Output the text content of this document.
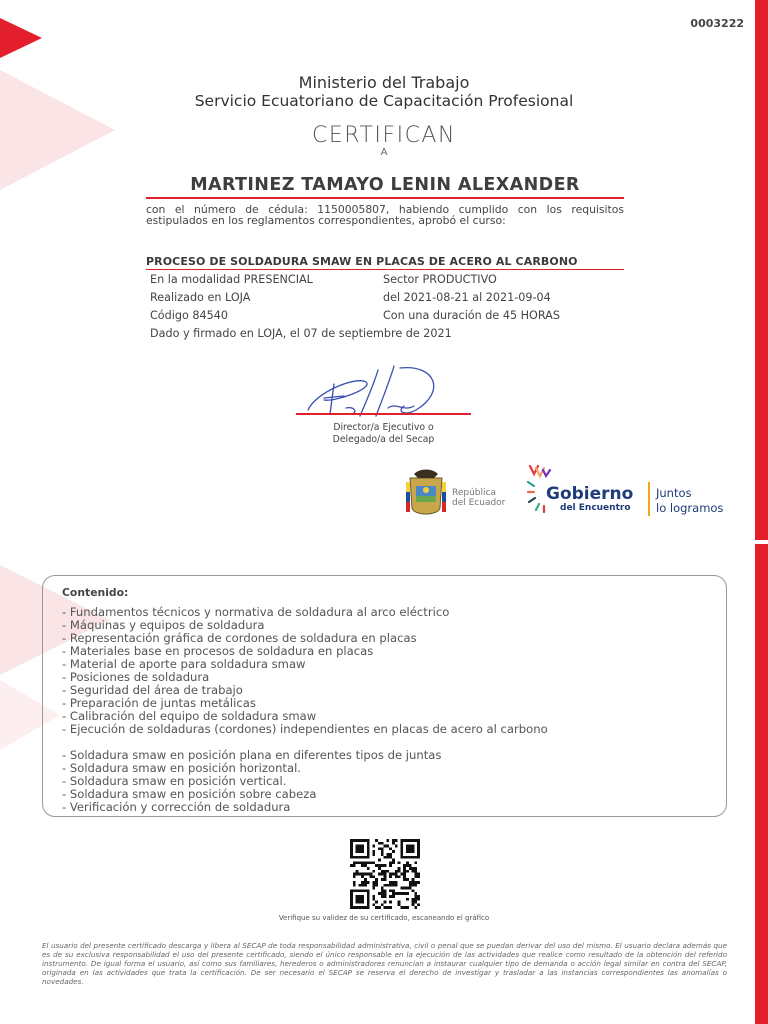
0003222
Ministerio del Trabajo
Servicio Ecuatoriano de Capacitación Profesional
CERTIFICAN
A
MARTINEZ TAMAYO LENIN ALEXANDER
con el número de cédula: 1150005807, habiendo cumplido con los requisitos estipulados en los reglamentos correspondientes, aprobó el curso:
PROCESO DE SOLDADURA SMAW EN PLACAS DE ACERO AL CARBONO
En la modalidad PRESENCIAL	Sector PRODUCTIVO
Realizado en LOJA	del 2021-08-21 al 2021-09-04
Código 84540	Con una duración de 45 HORAS
Dado y firmado en LOJA, el 07 de septiembre de 2021
Director/a Ejecutivo o
Delegado/a del Secap
República
del Ecuador Gobierno
del Encuentro
Juntos
lo logramos
Contenido:
- Fundamentos técnicos y normativa de soldadura al arco eléctrico
- Máquinas y equipos de soldadura
- Representación gráfica de cordones de soldadura en placas
- Materiales base en procesos de soldadura en placas
- Material de aporte para soldadura smaw
- Posiciones de soldadura
- Seguridad del área de trabajo
- Preparación de juntas metálicas
- Calibración del equipo de soldadura smaw
- Ejecución de soldaduras (cordones) independientes en placas de acero al carbono
- Soldadura smaw en posición plana en diferentes tipos de juntas
- Soldadura smaw en posición horizontal.
- Soldadura smaw en posición vertical.
- Soldadura smaw en posición sobre cabeza
- Verificación y corrección de soldadura
Verifique su validez de su certificado, escaneando el gráfico
El usuario del presente certificado descarga y libera al SECAP de toda responsabilidad administrativa, civil o penal que se puedan derivar del uso del mismo. El usuario declara además que es de su exclusiva responsabilidad el uso del presente certificado, siendo el único responsable en la ejecución de las actividades que realice como resultado de la obtención del referido instrumento. De igual forma el usuario, así como sus familiares, herederos o administradores renuncian a instaurar cualquier tipo de demanda o acción legal similar en contra del SECAP, originada en las actividades que trata la certificación. De ser necesario el SECAP se reserva el derecho de investigar y trasladar a las instancias correspondientes las anomalías o novedades.
